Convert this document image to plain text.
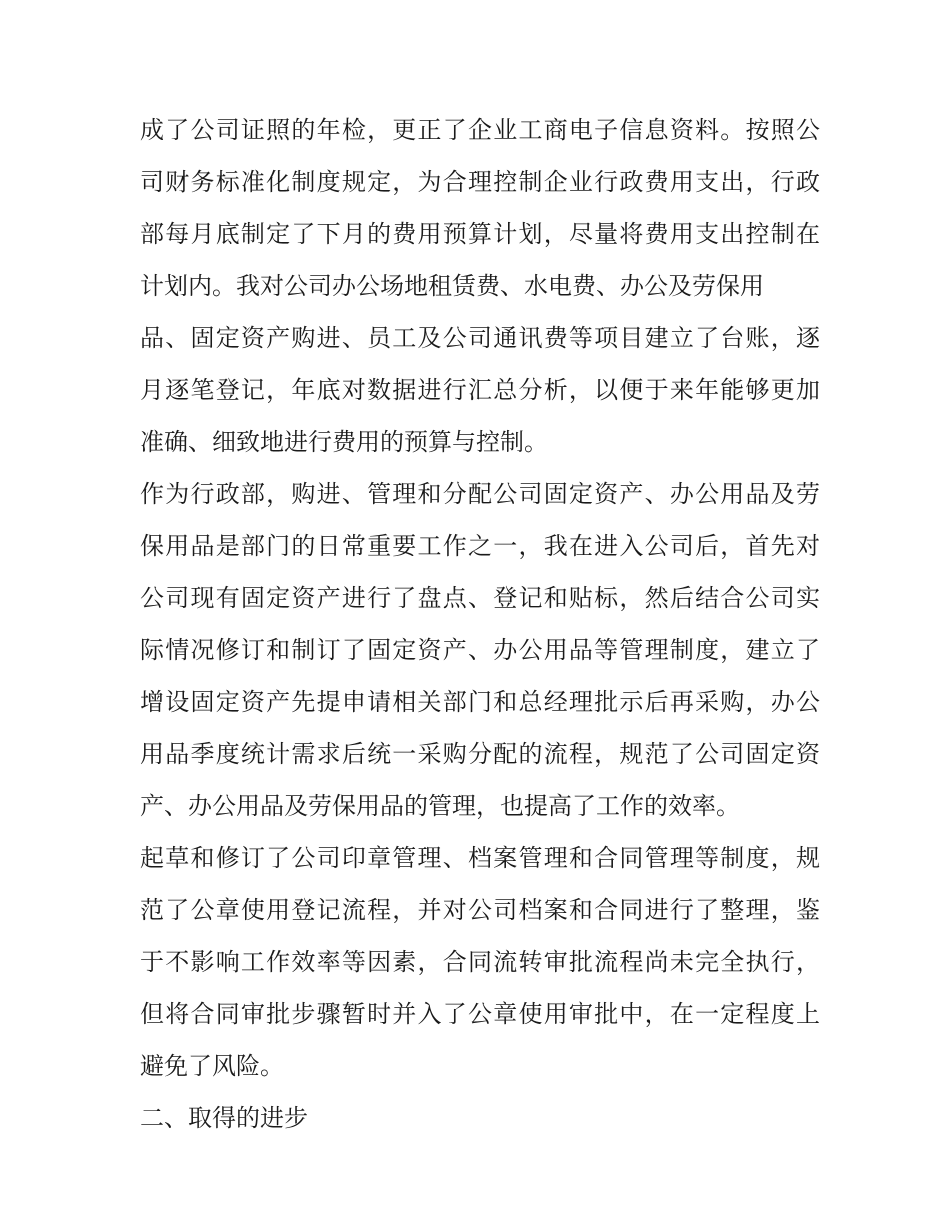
成了公司证照的年检，更正了企业工商电子信息资料。按照公
司财务标准化制度规定，为合理控制企业行政费用支出，行政
部每月底制定了下月的费用预算计划，尽量将费用支出控制在
计划内。我对公司办公场地租赁费、水电费、办公及劳保用
品、固定资产购进、员工及公司通讯费等项目建立了台账，逐
月逐笔登记，年底对数据进行汇总分析，以便于来年能够更加
准确、细致地进行费用的预算与控制。
作为行政部，购进、管理和分配公司固定资产、办公用品及劳
保用品是部门的日常重要工作之一，我在进入公司后，首先对
公司现有固定资产进行了盘点、登记和贴标，然后结合公司实
际情况修订和制订了固定资产、办公用品等管理制度，建立了
增设固定资产先提申请相关部门和总经理批示后再采购，办公
用品季度统计需求后统一采购分配的流程，规范了公司固定资
产、办公用品及劳保用品的管理，也提高了工作的效率。
起草和修订了公司印章管理、档案管理和合同管理等制度，规
范了公章使用登记流程，并对公司档案和合同进行了整理，鉴
于不影响工作效率等因素，合同流转审批流程尚未完全执行，
但将合同审批步骤暂时并入了公章使用审批中，在一定程度上
避免了风险。
二、取得的进步
